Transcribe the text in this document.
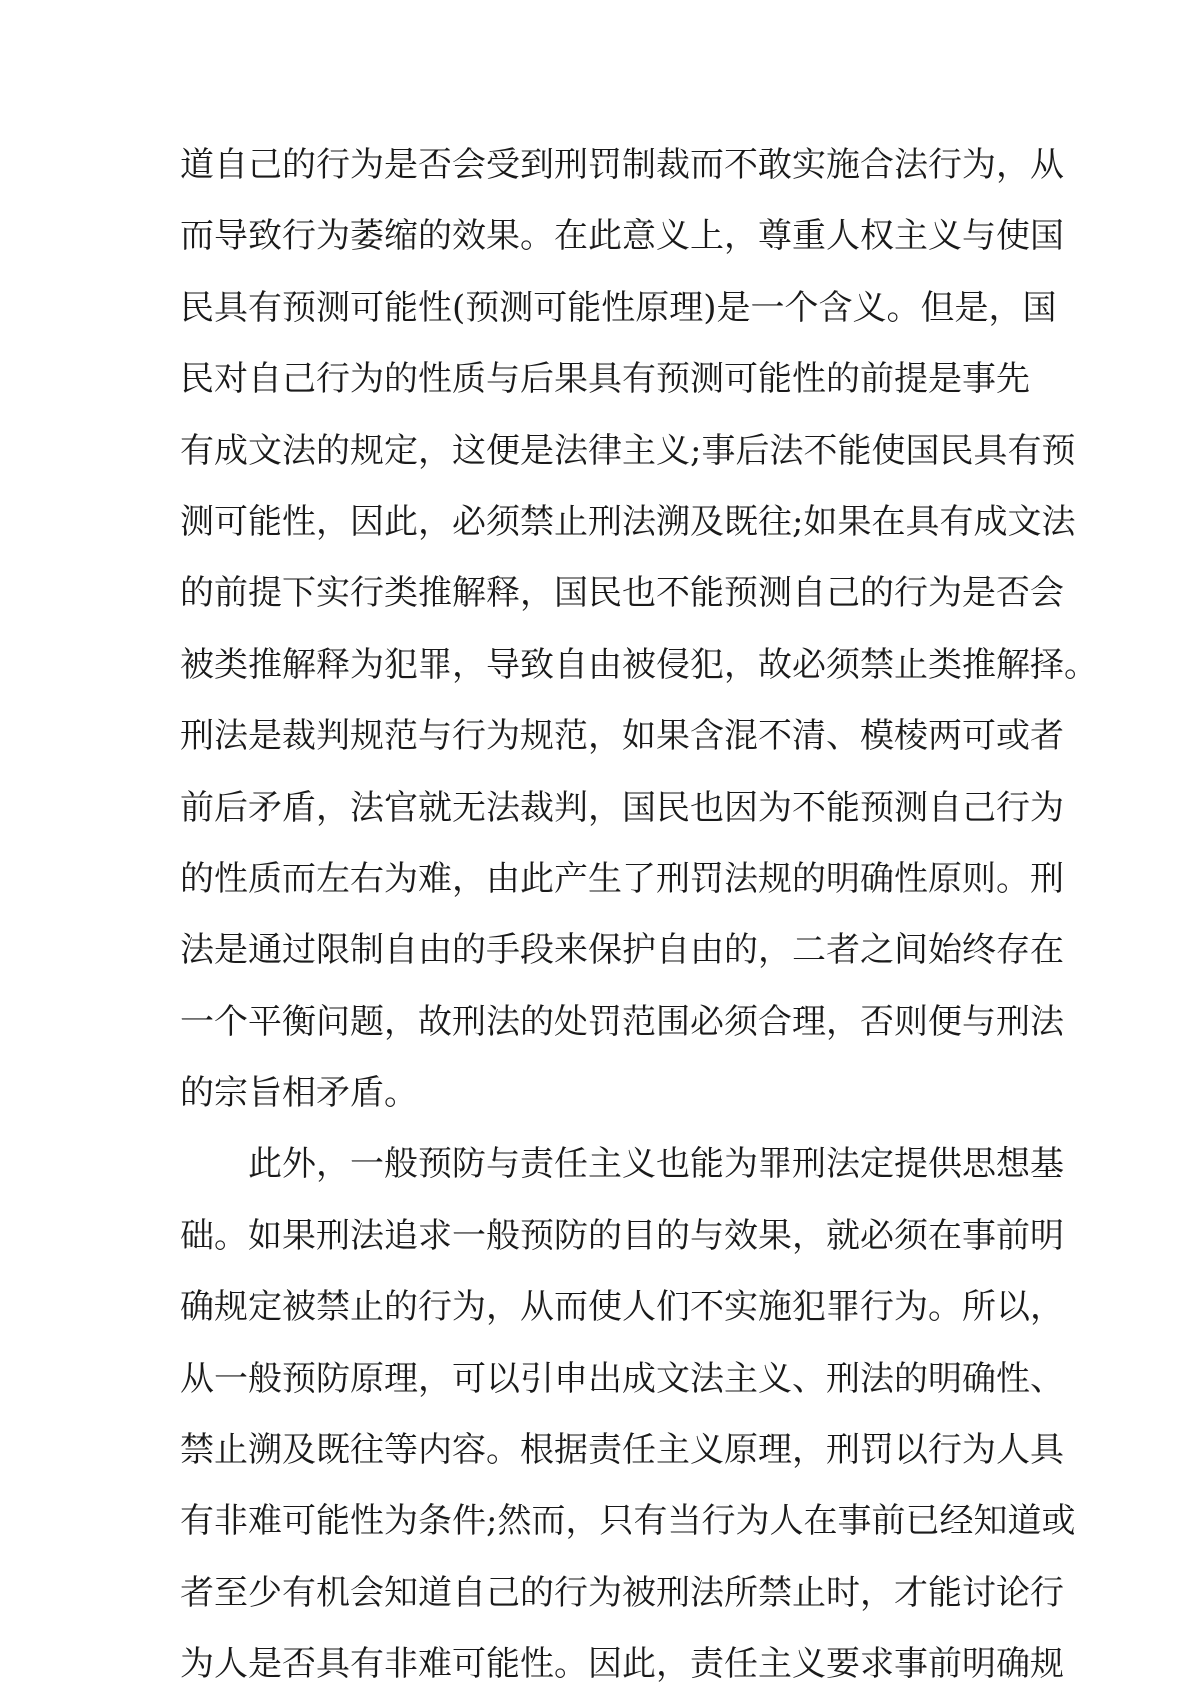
道自己的行为是否会受到刑罚制裁而不敢实施合法行为，从
而导致行为萎缩的效果。在此意义上，尊重人权主义与使国
民具有预测可能性(预测可能性原理)是一个含义。但是，国
民对自己行为的性质与后果具有预测可能性的前提是事先
有成文法的规定，这便是法律主义;事后法不能使国民具有预
测可能性，因此，必须禁止刑法溯及既往;如果在具有成文法
的前提下实行类推解释，国民也不能预测自己的行为是否会
被类推解释为犯罪，导致自由被侵犯，故必须禁止类推解择。
刑法是裁判规范与行为规范，如果含混不清、模棱两可或者
前后矛盾，法官就无法裁判，国民也因为不能预测自己行为
的性质而左右为难，由此产生了刑罚法规的明确性原则。刑
法是通过限制自由的手段来保护自由的，二者之间始终存在
一个平衡问题，故刑法的处罚范围必须合理，否则便与刑法
的宗旨相矛盾。
此外，一般预防与责任主义也能为罪刑法定提供思想基
础。如果刑法追求一般预防的目的与效果，就必须在事前明
确规定被禁止的行为，从而使人们不实施犯罪行为。所以，
从一般预防原理，可以引申出成文法主义、刑法的明确性、
禁止溯及既往等内容。根据责任主义原理，刑罚以行为人具
有非难可能性为条件;然而，只有当行为人在事前已经知道或
者至少有机会知道自己的行为被刑法所禁止时，才能讨论行
为人是否具有非难可能性。因此，责任主义要求事前明确规
